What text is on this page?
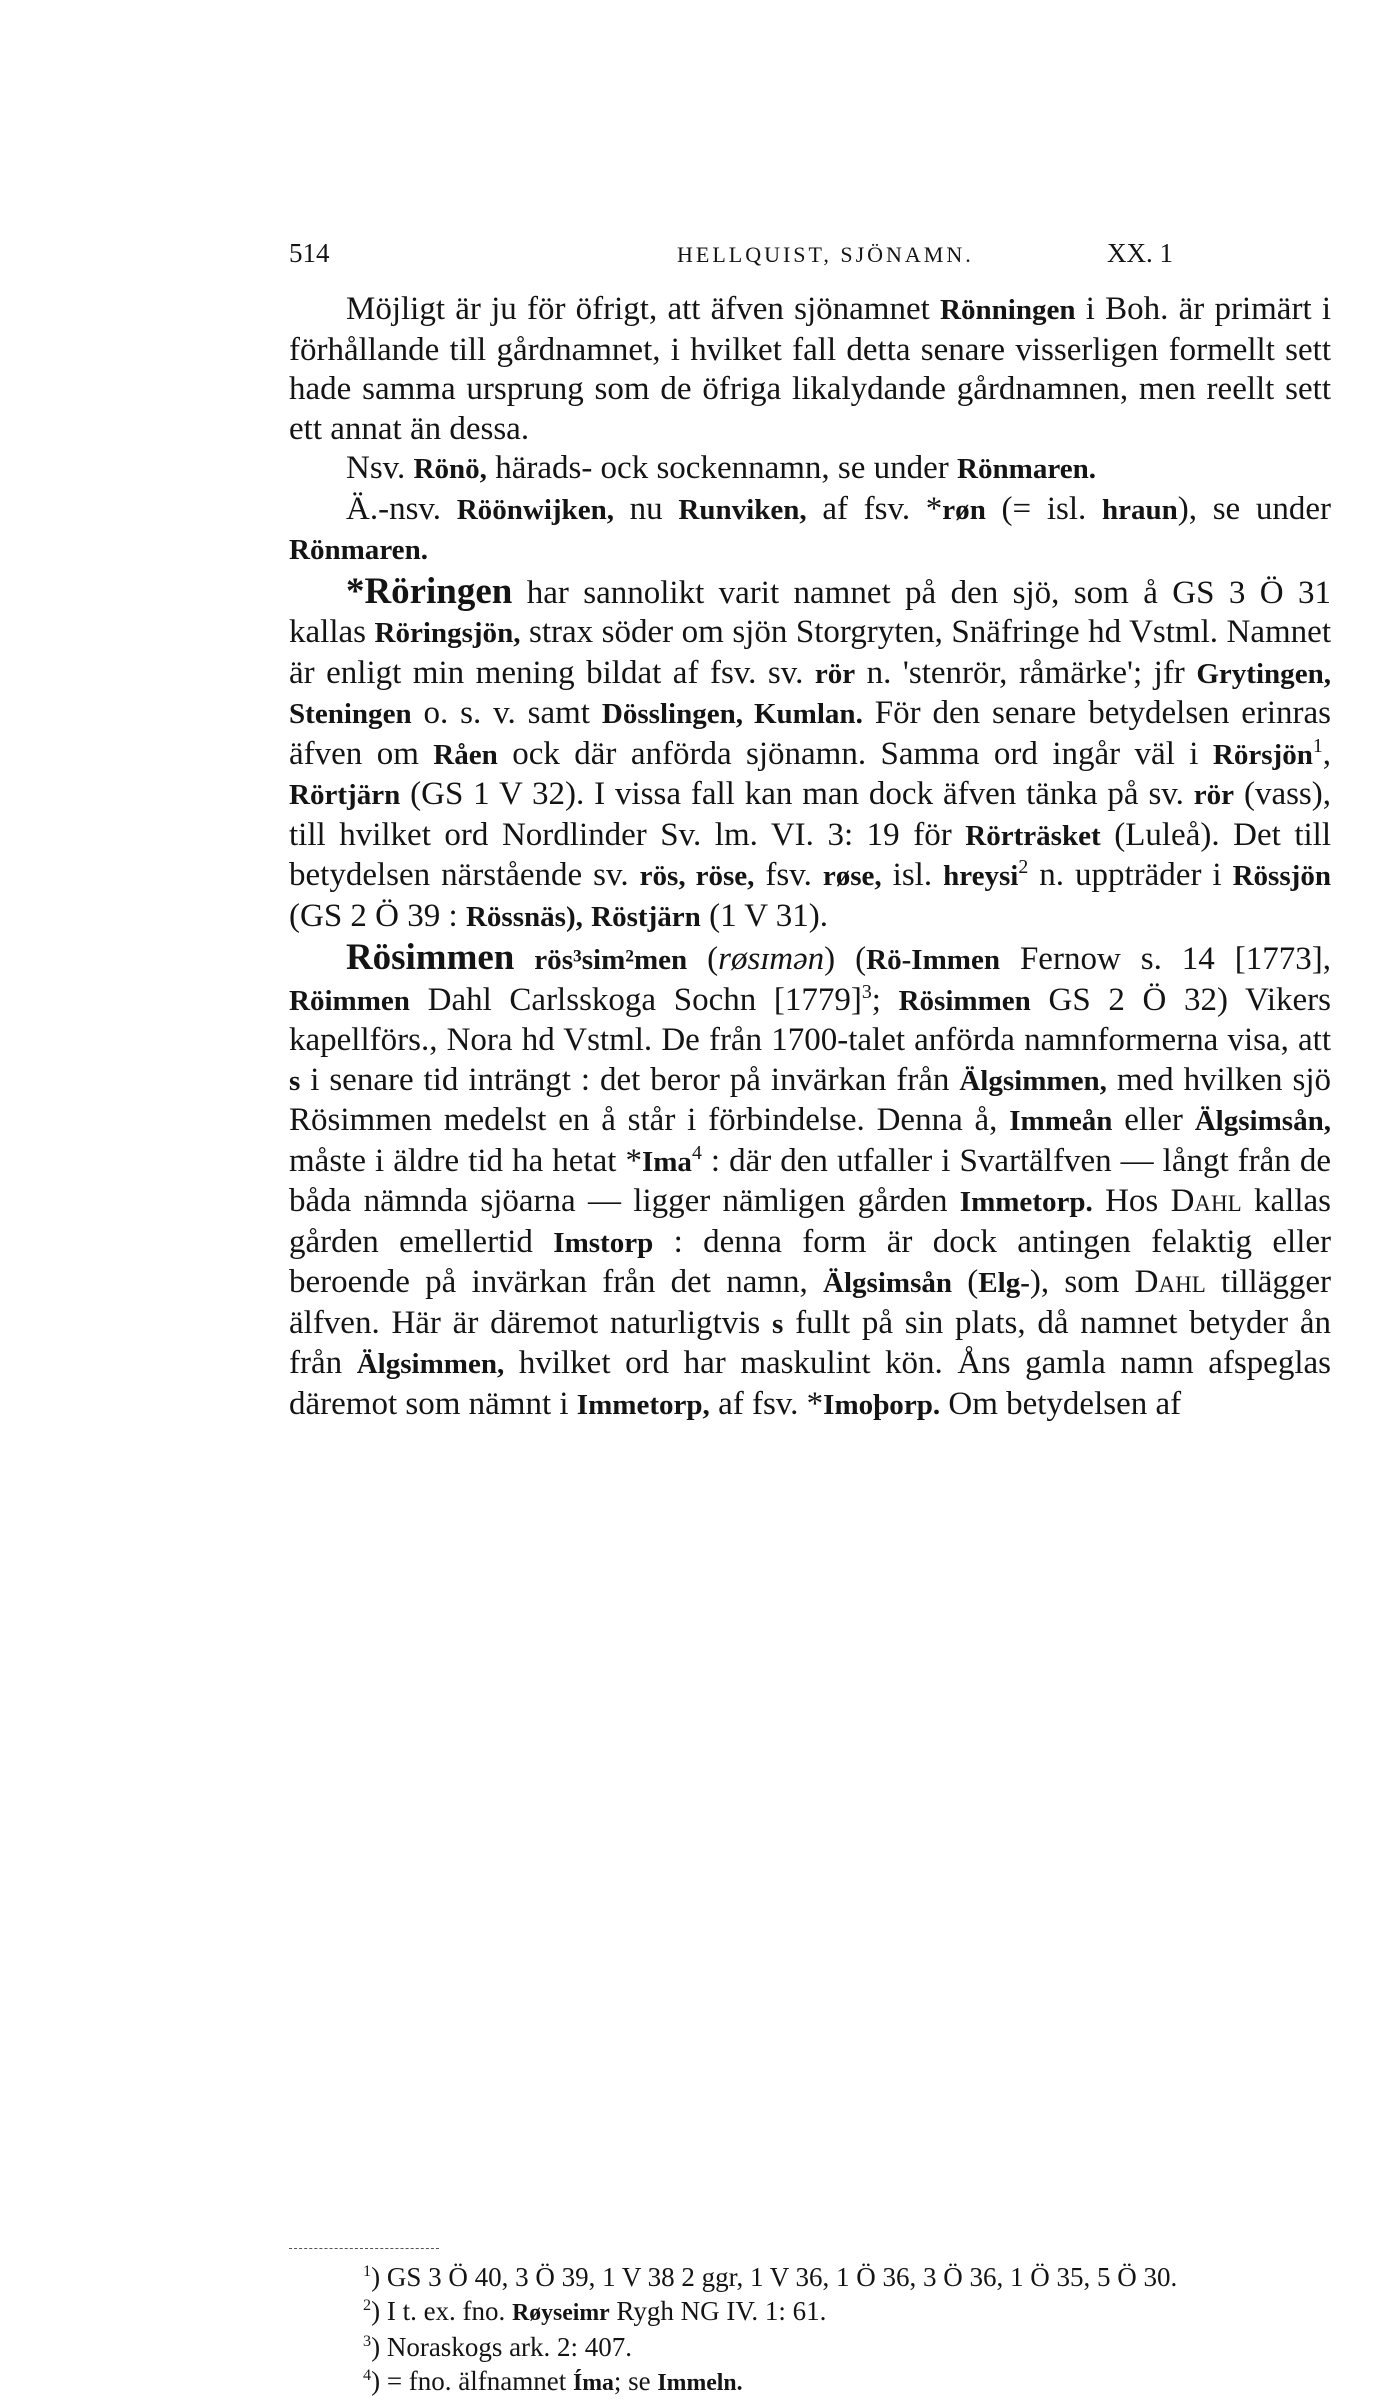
514	HELLQUIST, SJÖNAMN.	XX. 1

Möjligt är ju för öfrigt, att äfven sjönamnet Rönningen i Boh. är primärt i förhållande till gårdnamnet, i hvilket fall detta senare visserligen formellt sett hade samma ursprung som de öfriga likalydande gårdnamnen, men reellt sett ett annat än dessa.

Nsv. Rönö, härads- ock sockennamn, se under Rönmaren.

Ä.-nsv. Röönwijken, nu Runviken, af fsv. *røn (= isl. hraun), se under Rönmaren.

*Röringen har sannolikt varit namnet på den sjö, som å GS 3 Ö 31 kallas Röringsjön, strax söder om sjön Storgryten, Snäfringe hd Vstml. Namnet är enligt min mening bildat af fsv. sv. rör n. 'stenrör, råmärke'; jfr Grytingen, Steningen o. s. v. samt Dösslingen, Kumlan. För den senare betydelsen erinras äfven om Råen ock där anförda sjönamn. Samma ord ingår väl i Rörsjön$^1$, Rörtjärn (GS 1 V 32). I vissa fall kan man dock äfven tänka på sv. rör (vass), till hvilket ord Nordlinder Sv. lm. VI. 3: 19 för Rörträsket (Luleå). Det till betydelsen närstående sv. rös, röse, fsv. røse, isl. hreysi$^2$ n. uppträder i Rössjön (GS 2 Ö 39 : Rössnäs), Röstjärn (1 V 31).

Rösimmen rös³sim²men (røsɪmən) (Rö-Immen Fernow s. 14 [1773], Röimmen Dahl Carlsskoga Sochn $[1779]^3$; Rösimmen GS 2 Ö 32) Vikers kapellförs., Nora hd Vstml. De från 1700-talet anförda namnformerna visa, att s i senare tid inträngt : det beror på invärkan från Älgsimmen, med hvilken sjö Rösimmen medelst en å står i förbindelse. Denna å, Immeån eller Älgsimsån, måste i äldre tid ha hetat *Ima$^4$ : där den utfaller i Svartälfven — långt från de båda nämnda sjöarna — ligger nämligen gården Immetorp. Hos Dahl kallas gården emellertid Imstorp : denna form är dock antingen felaktig eller beroende på invärkan från det namn, Älgsimsån (Elg-), som Dahl tillägger älfven. Här är däremot naturligtvis s fullt på sin plats, då namnet betyder ån från Älgsimmen, hvilket ord har maskulint kön. Åns gamla namn afspeglas däremot som nämnt i Immetorp, af fsv. *Imoþorp. Om betydelsen af

$^1$) GS 3 Ö 40, 3 Ö 39, 1 V 38 2 ggr, 1 V 36, 1 Ö 36, 3 Ö 36, 1 Ö 35, 5 Ö 30.

$^2$) I t. ex. fno. Røyseimr Rygh NG IV. 1: 61.

$^3$) Noraskogs ark. 2: 407.

$^4$) = fno. älfnamnet Íma; se Immeln.
